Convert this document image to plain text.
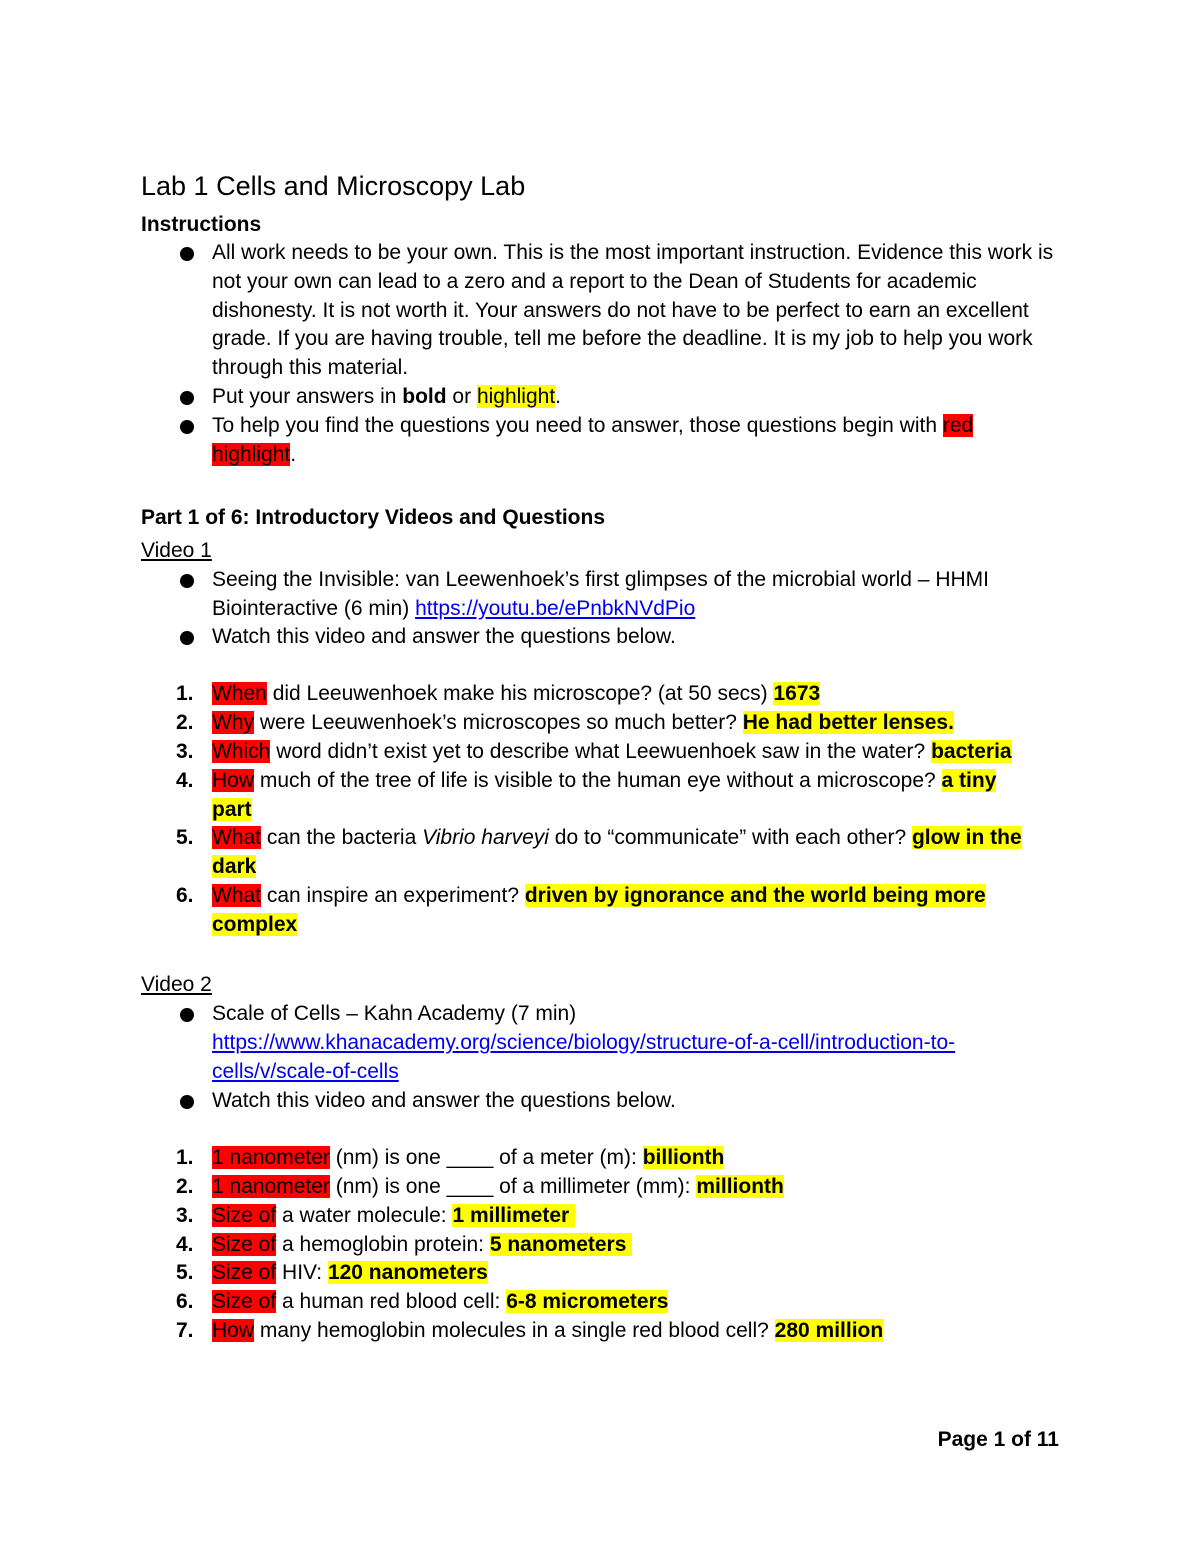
Lab 1 Cells and Microscopy Lab
Instructions
All work needs to be your own. This is the most important instruction. Evidence this work is not your own can lead to a zero and a report to the Dean of Students for academic dishonesty. It is not worth it. Your answers do not have to be perfect to earn an excellent grade. If you are having trouble, tell me before the deadline. It is my job to help you work through this material.
Put your answers in bold or highlight.
To help you find the questions you need to answer, those questions begin with red
highlight.
Part 1 of 6: Introductory Videos and Questions
Video 1
Seeing the Invisible: van Leewenhoek’s first glimpses of the microbial world – HHMI
Biointeractive (6 min) https://youtu.be/ePnbkNVdPio
Watch this video and answer the questions below.
1. When did Leeuwenhoek make his microscope? (at 50 secs) 1673
2. Why were Leeuwenhoek’s microscopes so much better? He had better lenses.
3. Which word didn’t exist yet to describe what Leewuenhoek saw in the water? bacteria
4. How much of the tree of life is visible to the human eye without a microscope? a tiny
part
5. What can the bacteria Vibrio harveyi do to “communicate” with each other? glow in the
dark
6. What can inspire an experiment? driven by ignorance and the world being more
complex
Video 2
Scale of Cells – Kahn Academy (7 min)
https://www.khanacademy.org/science/biology/structure-of-a-cell/introduction-to-
cells/v/scale-of-cells
Watch this video and answer the questions below.
1. 1 nanometer (nm) is one ____ of a meter (m): billionth
2. 1 nanometer (nm) is one ____ of a millimeter (mm): millionth
3. Size of a water molecule: 1 millimeter
4. Size of a hemoglobin protein: 5 nanometers
5. Size of HIV: 120 nanometers
6. Size of a human red blood cell: 6-8 micrometers
7. How many hemoglobin molecules in a single red blood cell? 280 million
Page 1 of 11
